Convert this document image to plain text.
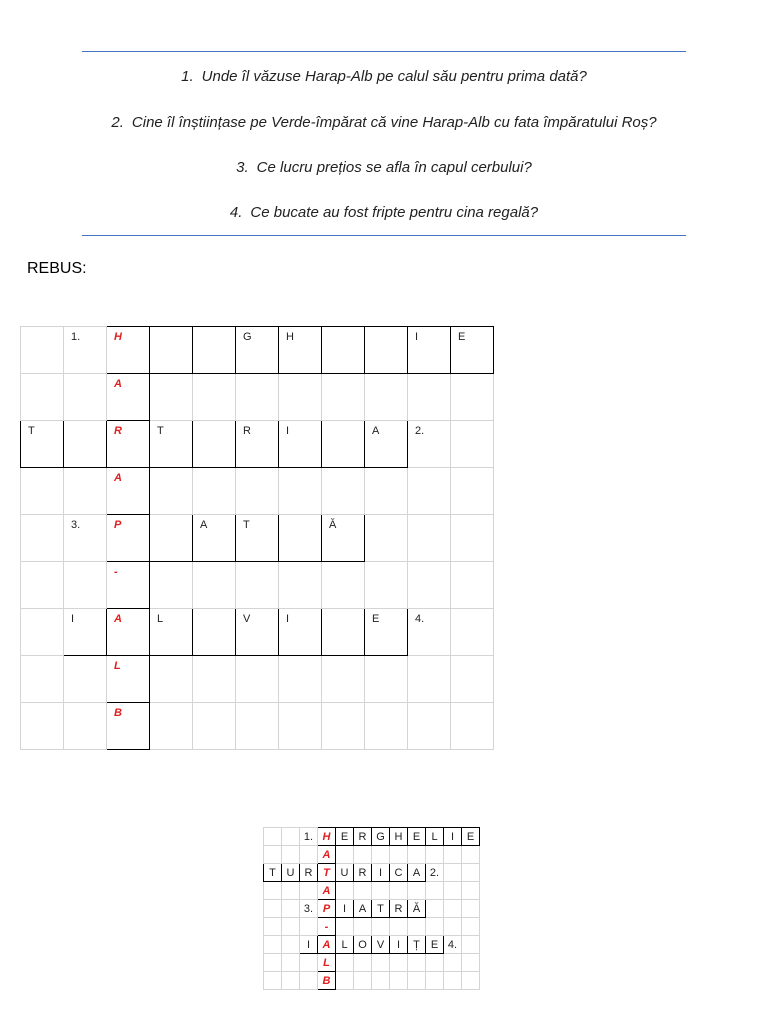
1. Unde îl văzuse Harap-Alb pe calul său pentru prima dată?
2. Cine îl înștiințase pe Verde-împărat că vine Harap-Alb cu fata împăratului Roș?
3. Ce lucru prețios se afla în capul cerbului?
4. Ce bucate au fost fripte pentru cina regală?
REBUS:

	1.	H			G	H			I	E

		A								

T		R	T		R	I		A	2.	

		A								

	3.	P		A	T		Ă			

		-								

	I	A	L		V	I		E	4.	

		L								

		B								

		1.	H	E	R	G	H	E	L	I	E
			A								
T	U	R	T	U	R	I	C	A	2.		
			A								
		3.	P	I	A	T	R	Ă			
			-								
		I	A	L	O	V	I	Ț	E	4.	
			L								
			B								
